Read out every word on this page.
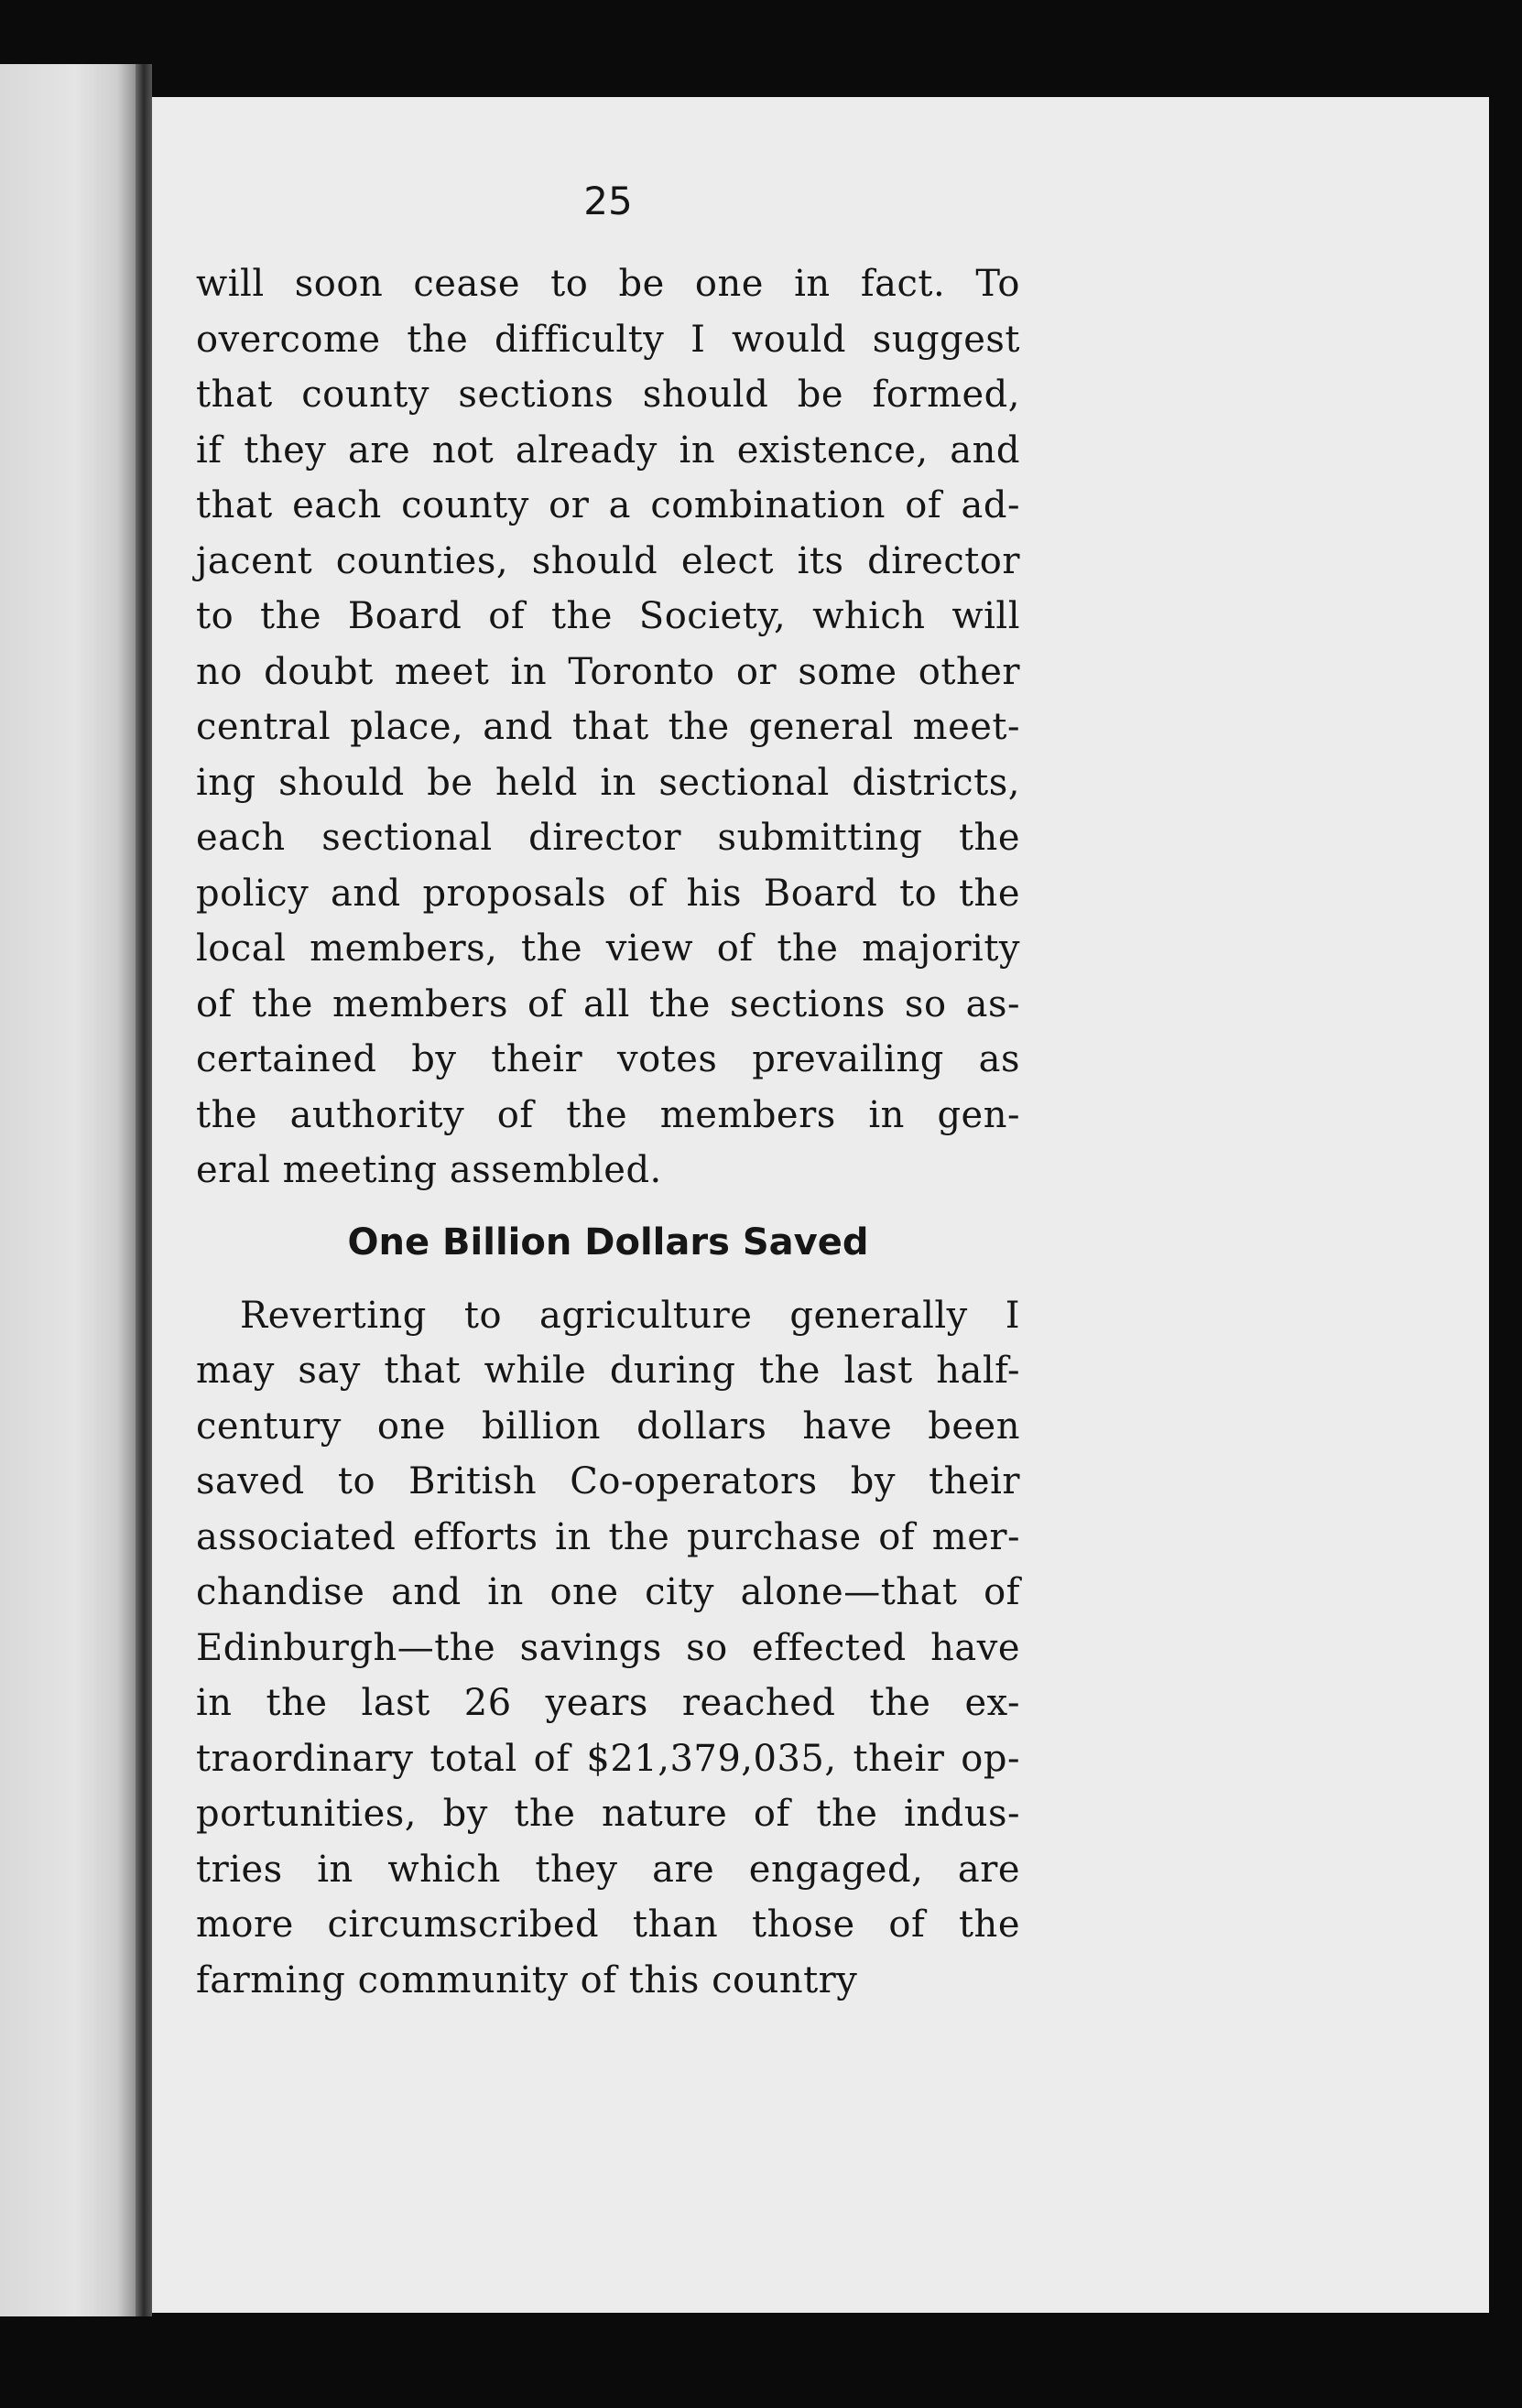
25
will soon cease to be one in fact. To
overcome the difficulty I would suggest
that county sections should be formed,
if they are not already in existence, and
that each county or a combination of ad-
jacent counties, should elect its director
to the Board of the Society, which will
no doubt meet in Toronto or some other
central place, and that the general meet-
ing should be held in sectional districts,
each sectional director submitting the
policy and proposals of his Board to the
local members, the view of the majority
of the members of all the sections so as-
certained by their votes prevailing as
the authority of the members in gen-
eral meeting assembled.
One Billion Dollars Saved
Reverting to agriculture generally I
may say that while during the last half-
century one billion dollars have been
saved to British Co-operators by their
associated efforts in the purchase of mer-
chandise and in one city alone—that of
Edinburgh—the savings so effected have
in the last 26 years reached the ex-
traordinary total of $21,379,035, their op-
portunities, by the nature of the indus-
tries in which they are engaged, are
more circumscribed than those of the
farming community of this country
